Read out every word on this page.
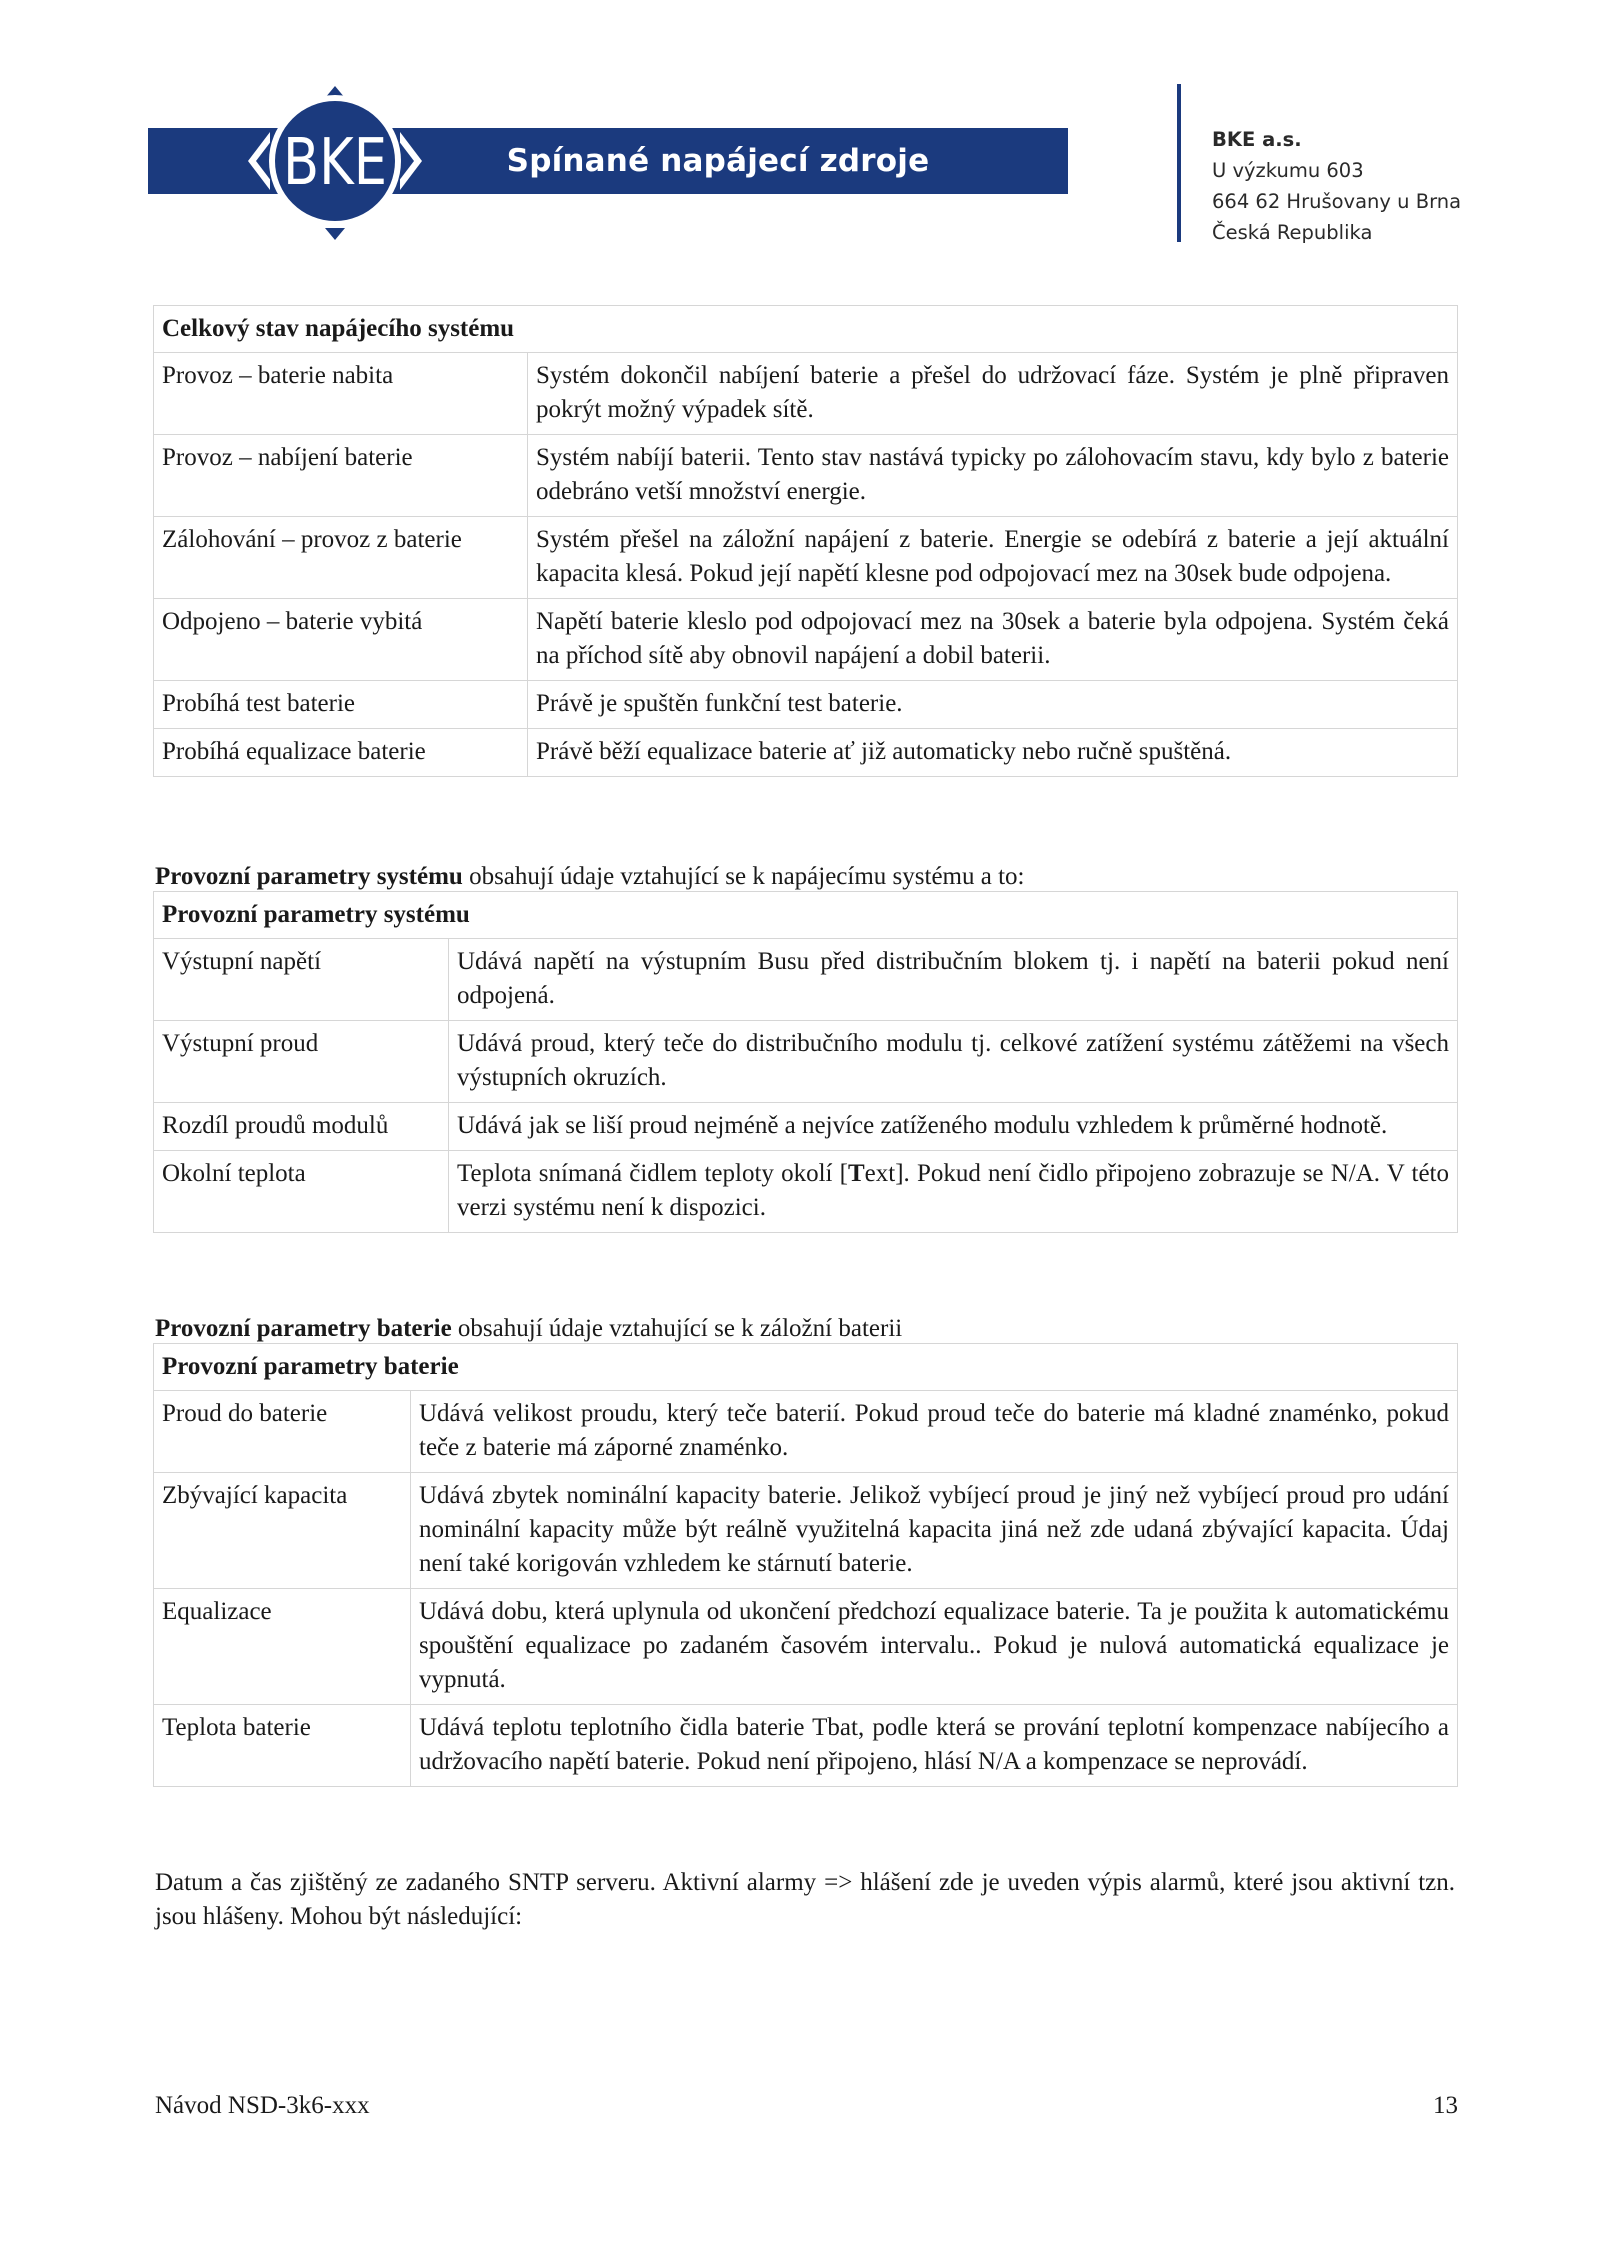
Spínané napájecí zdroje
BKE	BKE a.s.
U výzkumu 603
664 62 Hrušovany u Brna
Česká Republika
Celkový stav napájecího systému	
Provoz – baterie nabita	Systém dokončil nabíjení baterie a přešel do udržovací fáze. Systém je plně připraven pokrýt možný výpadek sítě.
Provoz – nabíjení baterie	Systém nabíjí baterii. Tento stav nastává typicky po zálohovacím stavu, kdy bylo z baterie odebráno vetší množství energie.
Zálohování – provoz z baterie	Systém přešel na záložní napájení z baterie. Energie se odebírá z baterie a její aktuální kapacita klesá. Pokud její napětí klesne pod odpojovací mez na 30sek bude odpojena.
Odpojeno – baterie vybitá	Napětí baterie kleslo pod odpojovací mez na 30sek a baterie byla odpojena. Systém čeká na příchod sítě aby obnovil napájení a dobil baterii.
Probíhá test baterie	Právě je spuštěn funkční test baterie.
Probíhá equalizace baterie	Právě běží equalizace baterie ať již automaticky nebo ručně spuštěná.
Provozní parametry systému obsahují údaje vztahující se k napájecímu systému a to:
Provozní parametry systému	
Výstupní napětí	Udává napětí na výstupním Busu před distribučním blokem tj. i napětí na baterii pokud není odpojená.
Výstupní proud	Udává proud, který teče do distribučního modulu tj. celkové zatížení systému zátěžemi na všech výstupních okruzích.
Rozdíl proudů modulů	Udává jak se liší proud nejméně a nejvíce zatíženého modulu vzhledem k průměrné hodnotě.
Okolní teplota	Teplota snímaná čidlem teploty okolí [Text]. Pokud není čidlo připojeno zobrazuje se N/A. V této verzi systému není k dispozici.
Provozní parametry baterie obsahují údaje vztahující se k záložní baterii
Provozní parametry baterie	
Proud do baterie	Udává velikost proudu, který teče baterií. Pokud proud teče do baterie má kladné znaménko, pokud teče z baterie má záporné znaménko.
Zbývající kapacita	Udává zbytek nominální kapacity baterie. Jelikož vybíjecí proud je jiný než vybíjecí proud pro udání nominální kapacity může být reálně využitelná kapacita jiná než zde udaná zbývající kapacita. Údaj není také korigován vzhledem ke stárnutí baterie.
Equalizace	Udává dobu, která uplynula od ukončení předchozí equalizace baterie. Ta je použita k automatickému spouštění equalizace po zadaném časovém intervalu.. Pokud je nulová automatická equalizace je vypnutá.
Teplota baterie	Udává teplotu teplotního čidla baterie Tbat, podle která se prování teplotní kompenzace nabíjecího a udržovacího napětí baterie. Pokud není připojeno, hlásí N/A a kompenzace se neprovádí.
Datum a čas zjištěný ze zadaného SNTP serveru. Aktivní alarmy => hlášení zde je uveden výpis alarmů, které jsou aktivní tzn. jsou hlášeny. Mohou být následující:
Návod NSD-3k6-xxx	13
